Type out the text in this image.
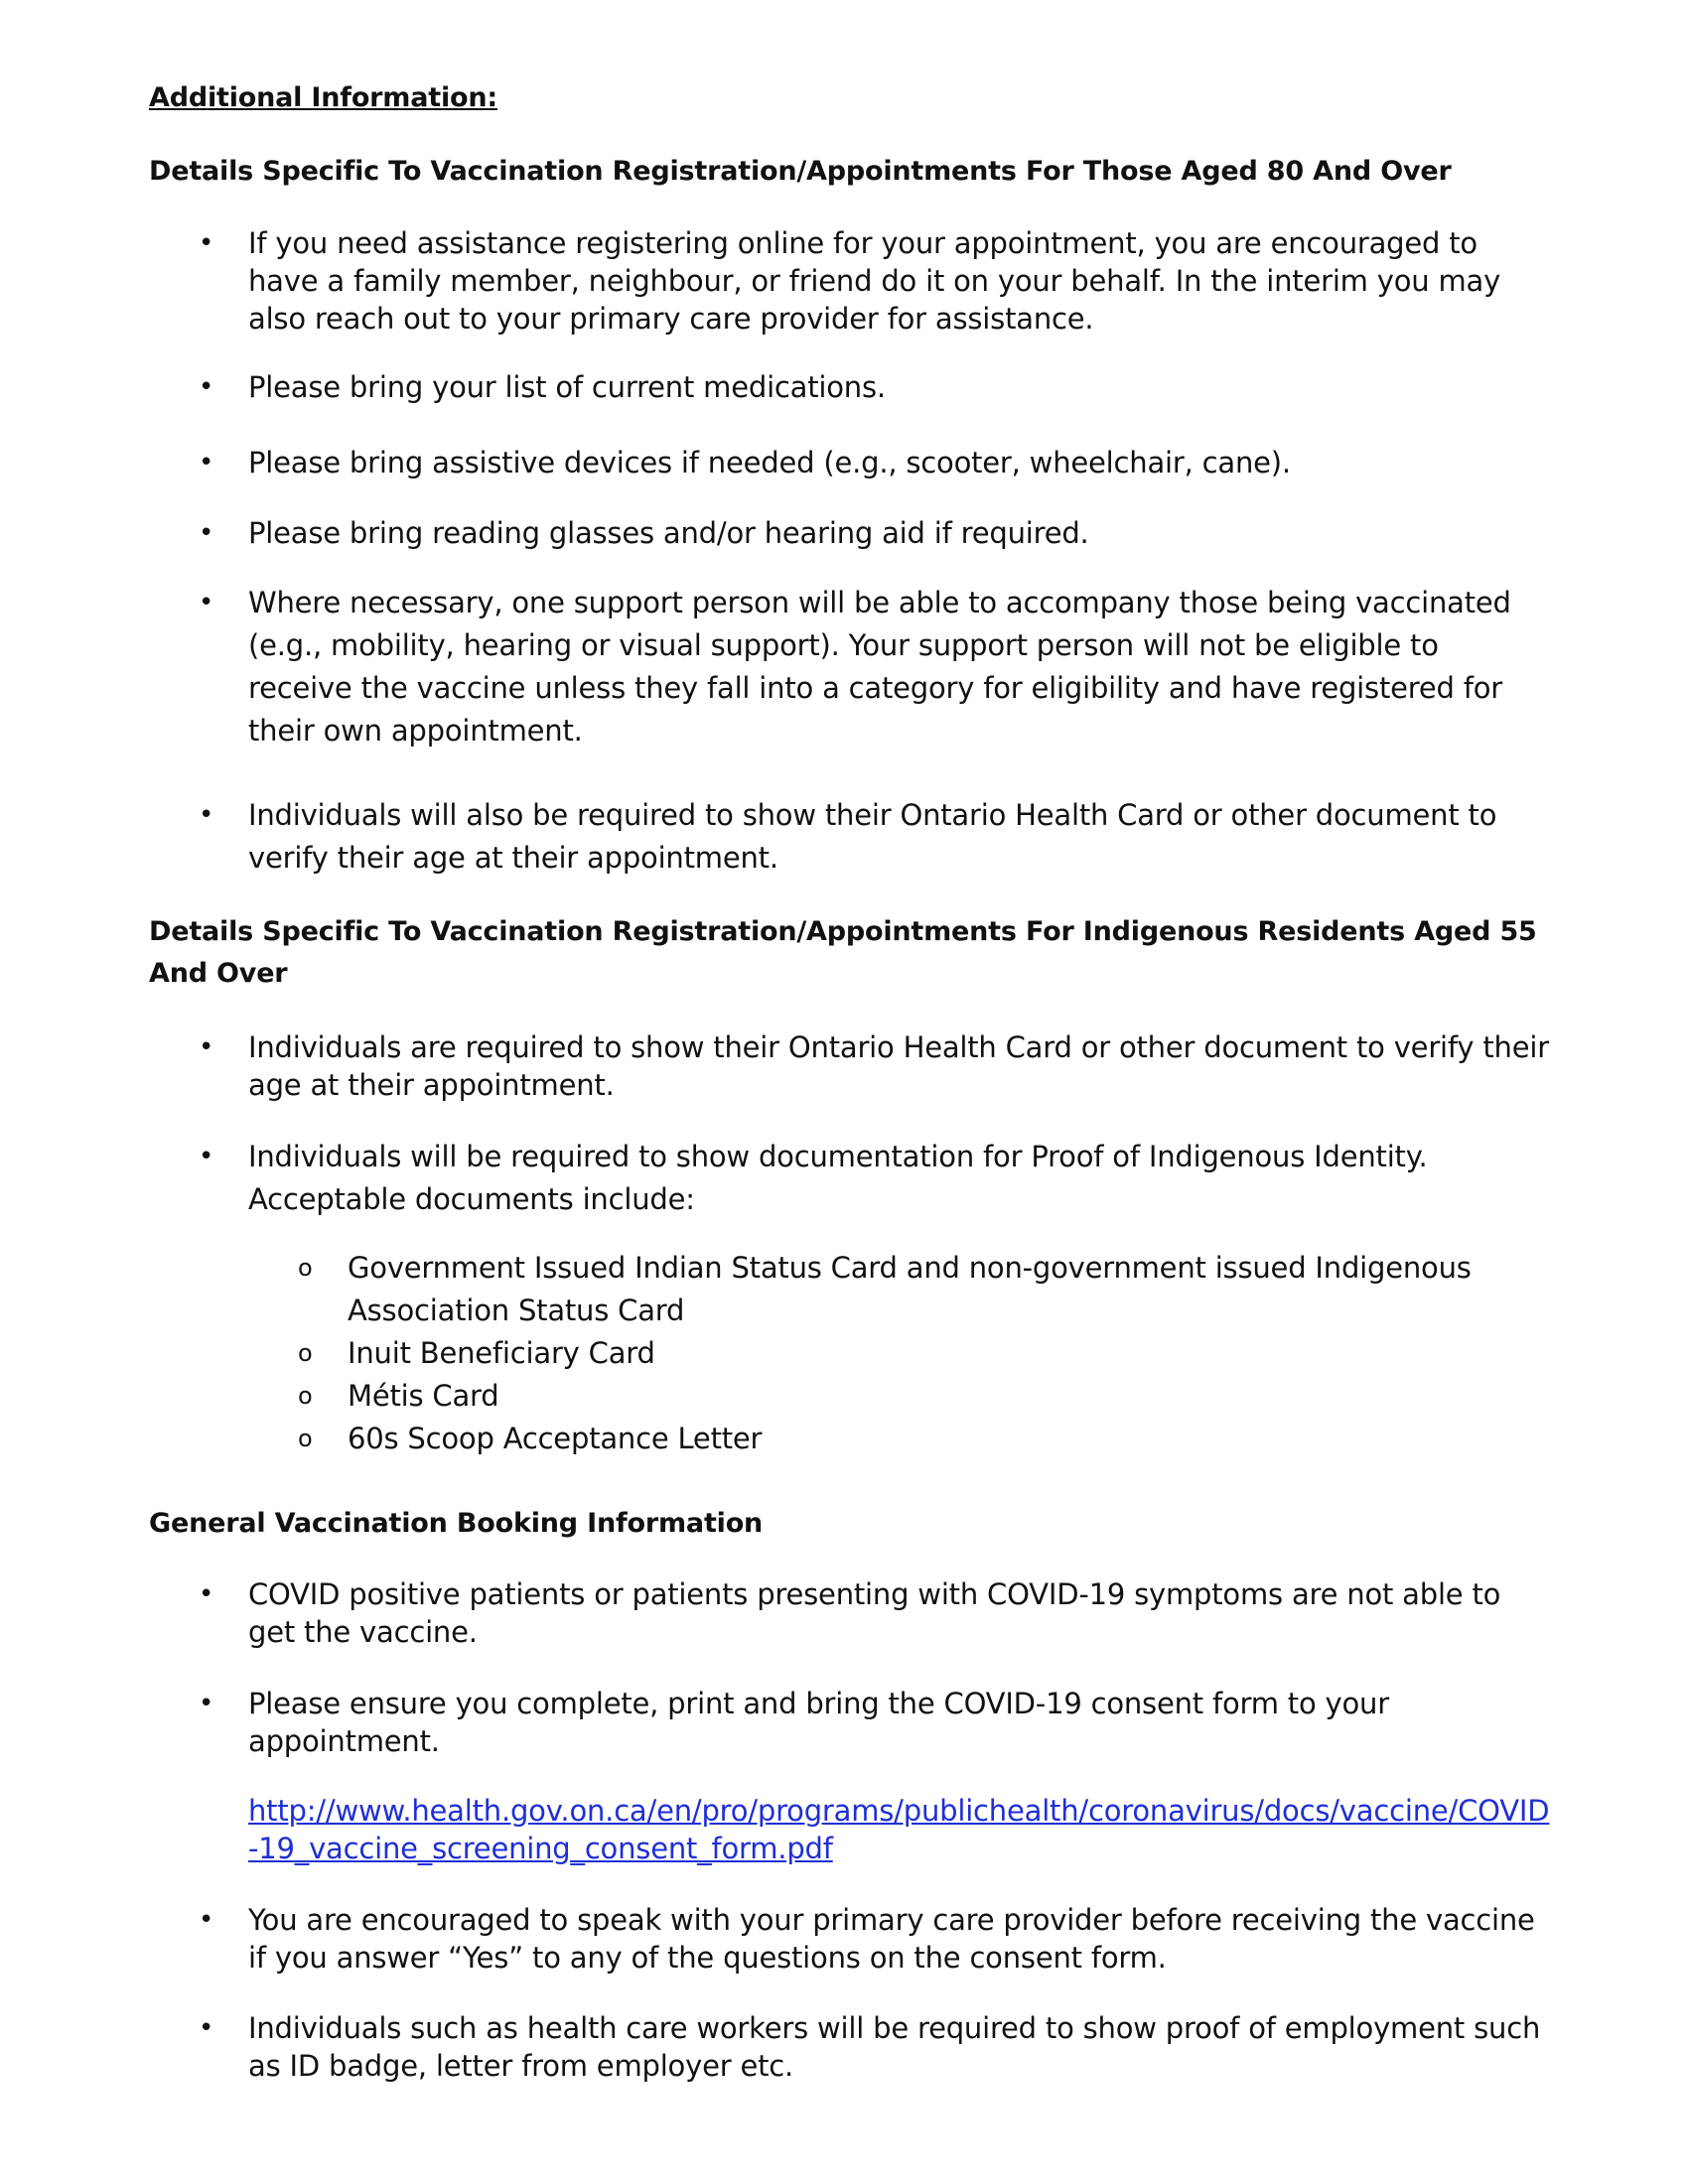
Additional Information:
Details Specific To Vaccination Registration/Appointments For Those Aged 80 And Over

•	If you need assistance registering online for your appointment, you are encouraged to have a family member, neighbour, or friend do it on your behalf. In the interim you may also reach out to your primary care provider for assistance.

•	Please bring your list of current medications.

•	Please bring assistive devices if needed (e.g., scooter, wheelchair, cane).

•	Please bring reading glasses and/or hearing aid if required.

•	Where necessary, one support person will be able to accompany those being vaccinated (e.g., mobility, hearing or visual support). Your support person will not be eligible to receive the vaccine unless they fall into a category for eligibility and have registered for their own appointment.

•	Individuals will also be required to show their Ontario Health Card or other document to verify their age at their appointment.

Details Specific To Vaccination Registration/Appointments For Indigenous Residents Aged 55 And Over

•	Individuals are required to show their Ontario Health Card or other document to verify their age at their appointment.

•	Individuals will be required to show documentation for Proof of Indigenous Identity. Acceptable documents include:

o Government Issued Indian Status Card and non-government issued Indigenous Association Status Card

o Inuit Beneficiary Card

o Métis Card

o 60s Scoop Acceptance Letter

General Vaccination Booking Information

•	COVID positive patients or patients presenting with COVID-19 symptoms are not able to get the vaccine.

•	Please ensure you complete, print and bring the COVID-19 consent form to your appointment.

http://www.health.gov.on.ca/en/pro/programs/publichealth/coronavirus/docs/vaccine/COVID-19_vaccine_screening_consent_form.pdf

•	You are encouraged to speak with your primary care provider before receiving the vaccine if you answer “Yes” to any of the questions on the consent form.

•	Individuals such as health care workers will be required to show proof of employment such as ID badge, letter from employer etc.
